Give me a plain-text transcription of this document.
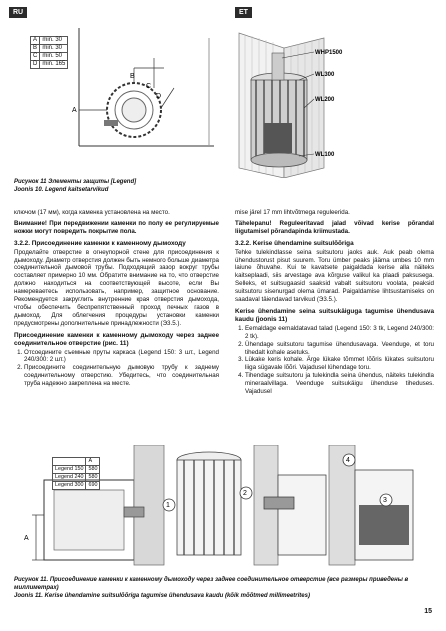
RU	ET
A
B
C
D
WHP1500
WL300
WL200
WL100
A	min. 30
B	min. 30
C	min. 50
D	min. 165
Рисунок 11 Элементы защиты [Legend]
Joonis 10. Legend kaitsetarvikud

ключом (17 мм), когда каменка установлена на место.

Внимание! При передвижении каменки по полу ее регулируемые ножки могут повредить покрытие пола.

3.2.2. Присоединение каменки к каменному дымоходу

Проделайте отверстие в огнеупорной стене для присоединения к дымоходу. Диаметр отверстия должен быть немного больше диаметра соединительной дымовой трубы. Подходящий зазор вокруг трубы составляет примерно 10 мм. Обратите внимание на то, что отверстие должно находиться на соответствующей высоте, если Вы намереваетесь использовать, например, защитное основание. Рекомендуется закруглить внутренние края отверстия дымохода, чтобы обеспечить беспрепятственный проход печных газов в дымоход. Для облегчения процедуры установки каменки предусмотрены дополнительные принадлежности (Э3.5.).

Присоединение каменки к каменному дымоходу через заднее соединительное отверстие (рис. 11)
1. Отсоедините съемные пруты каркаса (Legend 150: 3 шт., Legend 240/300: 2 шт.)
2. Присоедините соединительную дымовую трубу к заднему соединительному отверстию. Убедитесь, что соединительная труба надежно закреплена на месте.

mise järel 17 mm lihtvõtmega reguleerida.

Tähelepanu! Reguleeritavad jalad võivad kerise põrandal liigutamisel põrandapinda kriimustada.

3.2.2. Kerise ühendamine suitsulõõriga

Tehke tulekindlasse seina suitsutoru jaoks auk. Auk peab olema ühendustorust pisut suurem. Toru ümber peaks jääma umbes 10 mm laiune õhuvahe. Kui te kavatsete paigaldada kerise alla näiteks kaitseplaadi, siis arvestage ava kõrguse valikul ka plaadi paksusega. Selleks, et suitsugaasid saaksid vabalt suitsutoru voolata, peaksid suitsutoru sisenurgad olema ümarad. Paigaldamise lihtsustamiseks on saadaval täiendavad tarvikud (Э3.5.).

Kerise ühendamine seina suitsukäiguga tagumise ühendusava kaudu (joonis 11)
1. Eemaldage eemaldatavad talad (Legend 150: 3 tk, Legend 240/300: 2 tk).
2. Ühendage suitsutoru tagumise ühendusavaga. Veenduge, et toru tihedalt kohale asetuks.
3. Lükake keris kohale. Ärge lükake tõmmet lõõris lükates suitsutoru liiga sügavale lõõri. Vajadusel lühendage toru.
4. Tihendage suitsutoru ja tulekindla seina ühendus, näiteks tulekindla mineraalvillaga. Veenduge suitsukäigu ühenduse tiheduses. Vajadusel
A
1
2
4
3
	A
Legend 150	580
Legend 240	580
Legend 300	690
Рисунок 11. Присоединение каменки к каменному дымоходу через заднее соединительное отверстие (все размеры приведены в миллиметрах)
Joonis 11. Kerise ühendamine suitsulõõriga tagumise ühendusava kaudu (kõik mõõtmed millimeetrites)
15
